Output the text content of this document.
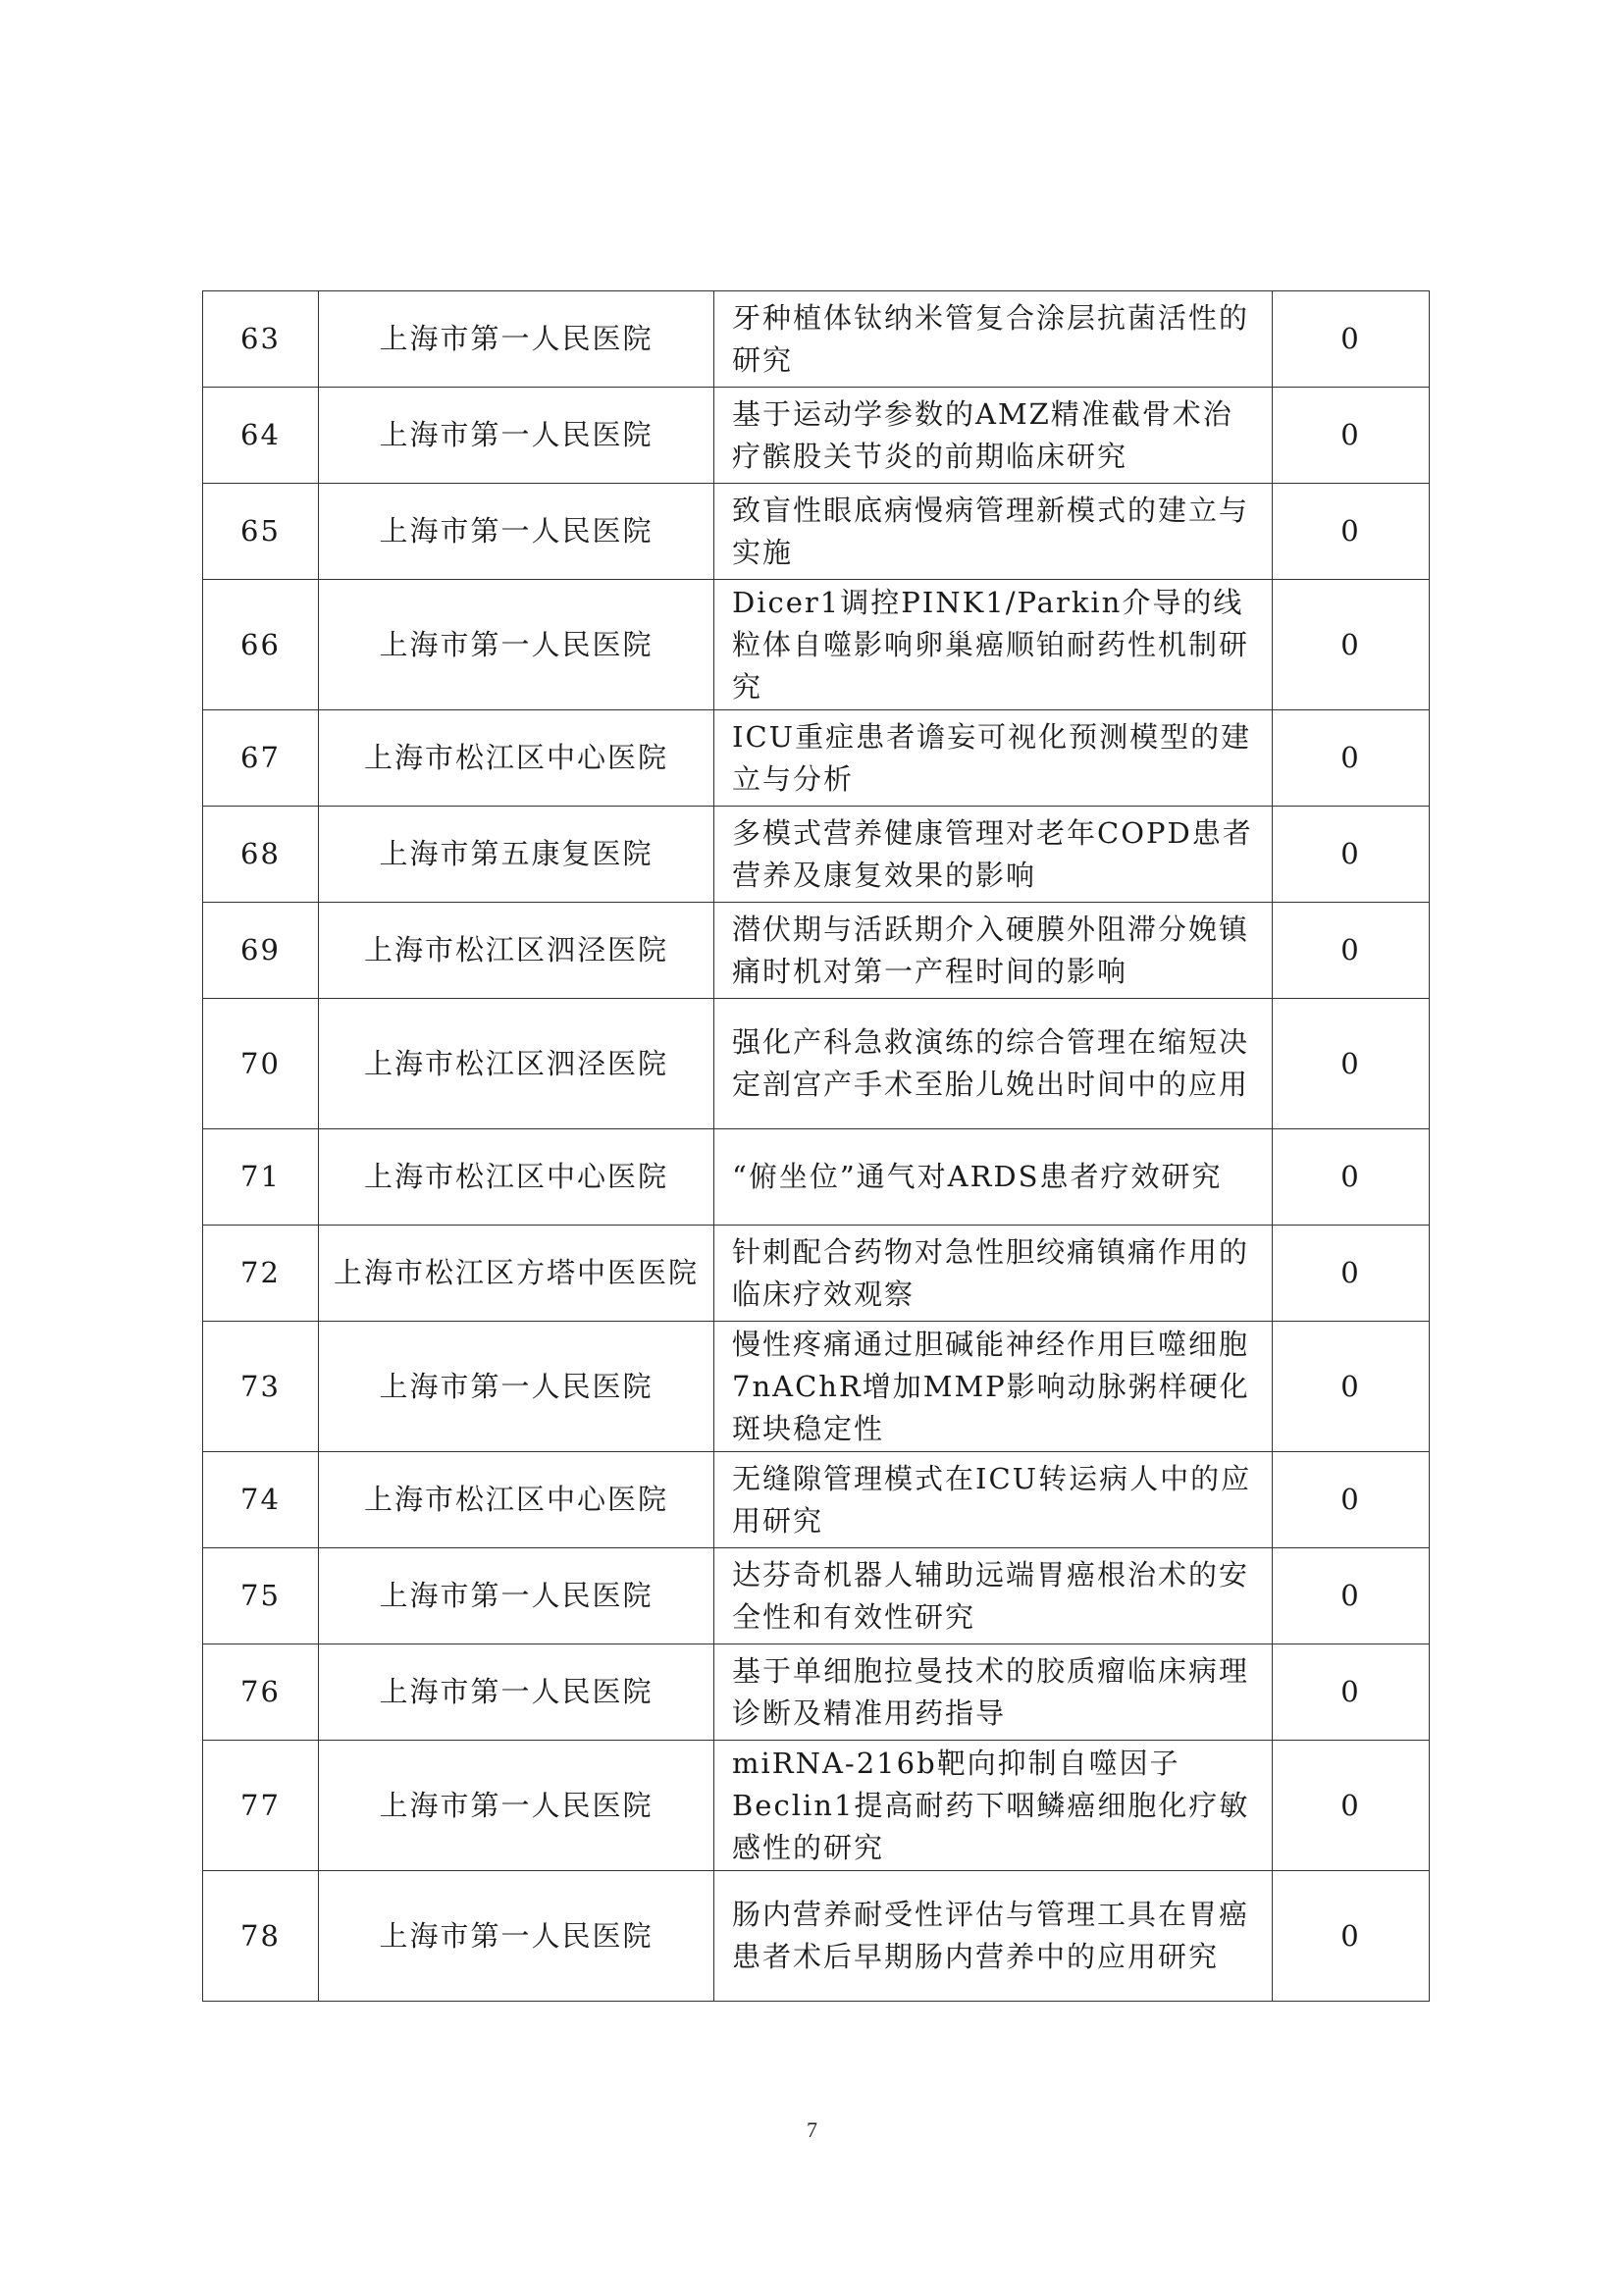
63	上海市第一人民医院	牙种植体钛纳米管复合涂层抗菌活性的研究	0
64	上海市第一人民医院	基于运动学参数的AMZ精准截骨术治疗髌股关节炎的前期临床研究	0
65	上海市第一人民医院	致盲性眼底病慢病管理新模式的建立与实施	0
66	上海市第一人民医院	Dicer1调控PINK1/Parkin介导的线粒体自噬影响卵巢癌顺铂耐药性机制研究	0
67	上海市松江区中心医院	ICU重症患者谵妄可视化预测模型的建立与分析	0
68	上海市第五康复医院	多模式营养健康管理对老年COPD患者营养及康复效果的影响	0
69	上海市松江区泗泾医院	潜伏期与活跃期介入硬膜外阻滞分娩镇痛时机对第一产程时间的影响	0
70	上海市松江区泗泾医院	强化产科急救演练的综合管理在缩短决定剖宫产手术至胎儿娩出时间中的应用	0
71	上海市松江区中心医院	“俯坐位”通气对ARDS患者疗效研究	0
72	上海市松江区方塔中医医院	针刺配合药物对急性胆绞痛镇痛作用的临床疗效观察	0
73	上海市第一人民医院	慢性疼痛通过胆碱能神经作用巨噬细胞7nAChR增加MMP影响动脉粥样硬化斑块稳定性	0
74	上海市松江区中心医院	无缝隙管理模式在ICU转运病人中的应用研究	0
75	上海市第一人民医院	达芬奇机器人辅助远端胃癌根治术的安全性和有效性研究	0
76	上海市第一人民医院	基于单细胞拉曼技术的胶质瘤临床病理诊断及精准用药指导	0
77	上海市第一人民医院	miRNA-216b靶向抑制自噬因子Beclin1提高耐药下咽鳞癌细胞化疗敏感性的研究	0
78	上海市第一人民医院	肠内营养耐受性评估与管理工具在胃癌患者术后早期肠内营养中的应用研究	0
7
